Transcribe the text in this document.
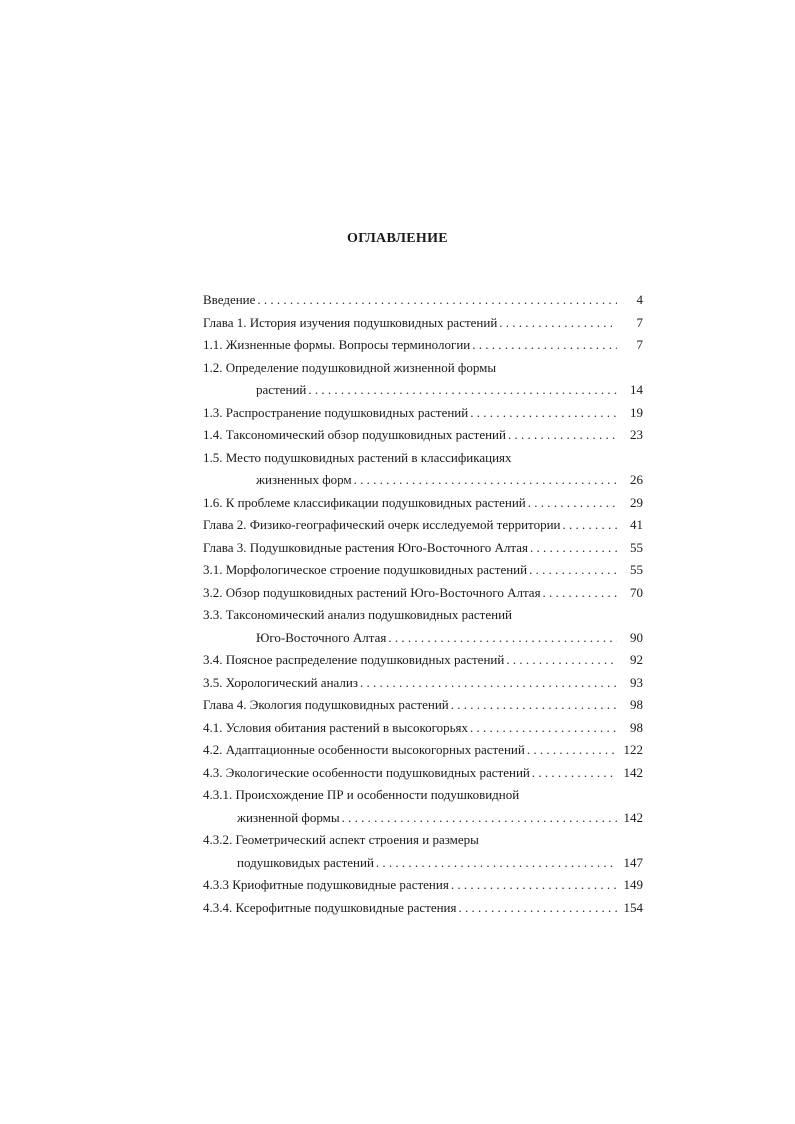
ОГЛАВЛЕНИЕ
Введение . . .	4
Глава 1. История изучения подушковидных растений . . .	7
1.1. Жизненные формы. Вопросы терминологии . . .	7
1.2. Определение подушковидной жизненной формы
растений . . .	14
1.3. Распространение подушковидных растений . . .	19
1.4. Таксономический обзор подушковидных растений . . .	23
1.5. Место подушковидных растений в классификациях
жизненных форм . . .	26
1.6. К проблеме классификации подушковидных растений . . .	29
Глава 2. Физико-географический очерк исследуемой территории . . .	41
Глава 3. Подушковидные растения Юго-Восточного Алтая . . .	55
3.1. Морфологическое строение подушковидных растений . . .	55
3.2. Обзор подушковидных растений Юго-Восточного Алтая . . .	70
3.3. Таксономический анализ подушковидных растений
Юго-Восточного Алтая . . .	90
3.4. Поясное распределение подушковидных растений . . .	92
3.5. Хорологический анализ . . .	93
Глава 4. Экология подушковидных растений . . .	98
4.1. Условия обитания растений в высокогорьях . . .	98
4.2. Адаптационные особенности высокогорных растений . . .	122
4.3. Экологические особенности подушковидных растений . . .	142
4.3.1. Происхождение ПР и особенности подушковидной
жизненной формы . . .	142
4.3.2. Геометрический аспект строения и размеры
подушковидых растений . . .	147
4.3.3 Криофитные подушковидные растения . . .	149
4.3.4. Ксерофитные подушковидные растения . . .	154
